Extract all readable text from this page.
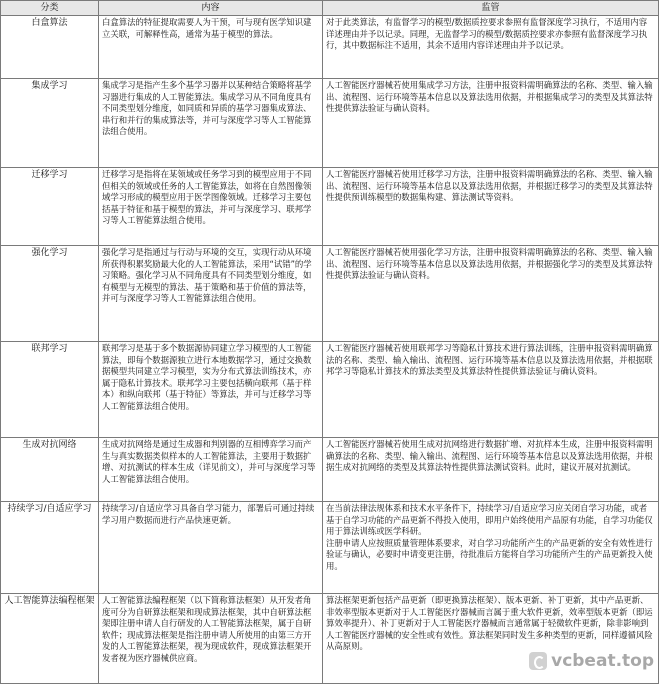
分类	内容	监管
白盒算法	白盒算法的特征提取需要人为干预，可与现有医学知识建立关联，可解释性高，通常为基于模型的算法。	对于此类算法，有监督学习的模型/数据质控要求参照有监督深度学习执行，不适用内容详述理由并予以记录。同理，无监督学习的模型/数据质控要求亦参照有监督深度学习执行，其中数据标注不适用，其余不适用内容详述理由并予以记录。
集成学习	集成学习是指产生多个基学习器并以某种结合策略将基学习器进行集成的人工智能算法。集成学习从不同角度具有不同类型划分维度，如同质和异质的基学习器集成算法、串行和并行的集成算法等，并可与深度学习等人工智能算法组合使用。	人工智能医疗器械若使用集成学习方法，注册申报资料需明确算法的名称、类型、输入输出、流程图、运行环境等基本信息以及算法选用依据，并根据集成学习的类型及其算法特性提供算法验证与确认资料。
迁移学习	迁移学习是指将在某领域或任务学习到的模型应用于不同但相关的领域或任务的人工智能算法，如将在自然图像领域学习形成的模型应用于医学图像领域。迁移学习主要包括基于特征和基于模型的算法，并可与深度学习、联邦学习等人工智能算法组合使用。	人工智能医疗器械若使用迁移学习方法，注册申报资料需明确算法的名称、类型、输入输出、流程图、运行环境等基本信息以及算法选用依据，并根据迁移学习的类型及其算法特性提供预训练模型的数据集构建、算法测试等资料。
强化学习	强化学习是指通过与行动与环境的交互，实现行动从环境所获得积累奖励最大化的人工智能算法，采用“试错”的学习策略。强化学习从不同角度具有不同类型划分维度，如有模型与无模型的算法、基于策略和基于价值的算法等，并可与深度学习等人工智能算法组合使用。	人工智能医疗器械若使用强化学习方法，注册申报资料需明确算法的名称、类型、输入输出、流程图、运行环境等基本信息以及算法选用依据，并根据强化学习的类型及其算法特性提供算法验证与确认资料。
联邦学习	联邦学习是基于多个数据源协同建立学习模型的人工智能算法，即每个数据源独立进行本地数据学习，通过交换数据模型共同建立学习模型，实为分布式算法训练技术，亦属于隐私计算技术。联邦学习主要包括横向联邦（基于样本）和纵向联邦（基于特征）等算法，并可与迁移学习等人工智能算法组合使用。	人工智能医疗器械若使用联邦学习等隐私计算技术进行算法训练，注册申报资料需明确算法的名称、类型、输入输出、流程图、运行环境等基本信息以及算法选用依据，并根据联邦学习等隐私计算技术的算法类型及其算法特性提供算法验证与确认资料。
生成对抗网络	生成对抗网络是通过生成器和判别器的互相博弈学习而产生与真实数据类似样本的人工智能算法，主要用于数据扩增、对抗测试的样本生成（详见前文），并可与深度学习等人工智能算法组合使用。	人工智能医疗器械若使用生成对抗网络进行数据扩增、对抗样本生成，注册申报资料需明确算法的名称、类型、输入输出、流程图、运行环境等基本信息以及算法选用依据，并根据生成对抗网络的类型及其算法特性提供算法测试资料。此时，建议开展对抗测试。
持续学习/自适应学习	持续学习/自适应学习具备自学习能力，部署后可通过持续学习用户数据而进行产品快速更新。	在当前法律法规体系和技术水平条件下，持续学习/自适应学习应关闭自学习功能，或者基于自学习功能的产品更新不得投入使用，即用户始终使用产品原有功能，自学习功能仅用于算法训练或医学科研。

注册申请人应按照质量管理体系要求，对自学习功能所产生的产品更新的安全有效性进行验证与确认，必要时申请变更注册，待批准后方能将自学习功能所产生的产品更新投入使用。

人工智能算法编程框架	人工智能算法编程框架（以下简称算法框架）从开发者角度可分为自研算法框架和现成算法框架，其中自研算法框架即注册申请人自行研发的人工智能算法框架，属于自研软件；现成算法框架是指注册申请人所使用的由第三方开发的人工智能算法框架，视为现成软件，现成算法框架开发者视为医疗器械供应商。	算法框架更新包括产品更新（即更换算法框架）、版本更新、补丁更新，其中产品更新、非效率型版本更新对于人工智能医疗器械而言属于重大软件更新，效率型版本更新（即运算效率提升）、补丁更新对于人工智能医疗器械而言通常属于轻微软件更新，除非影响到人工智能医疗器械的安全性或有效性。算法框架同时发生多种类型的更新，同样遵循风险从高原则。
vcbeat.top
